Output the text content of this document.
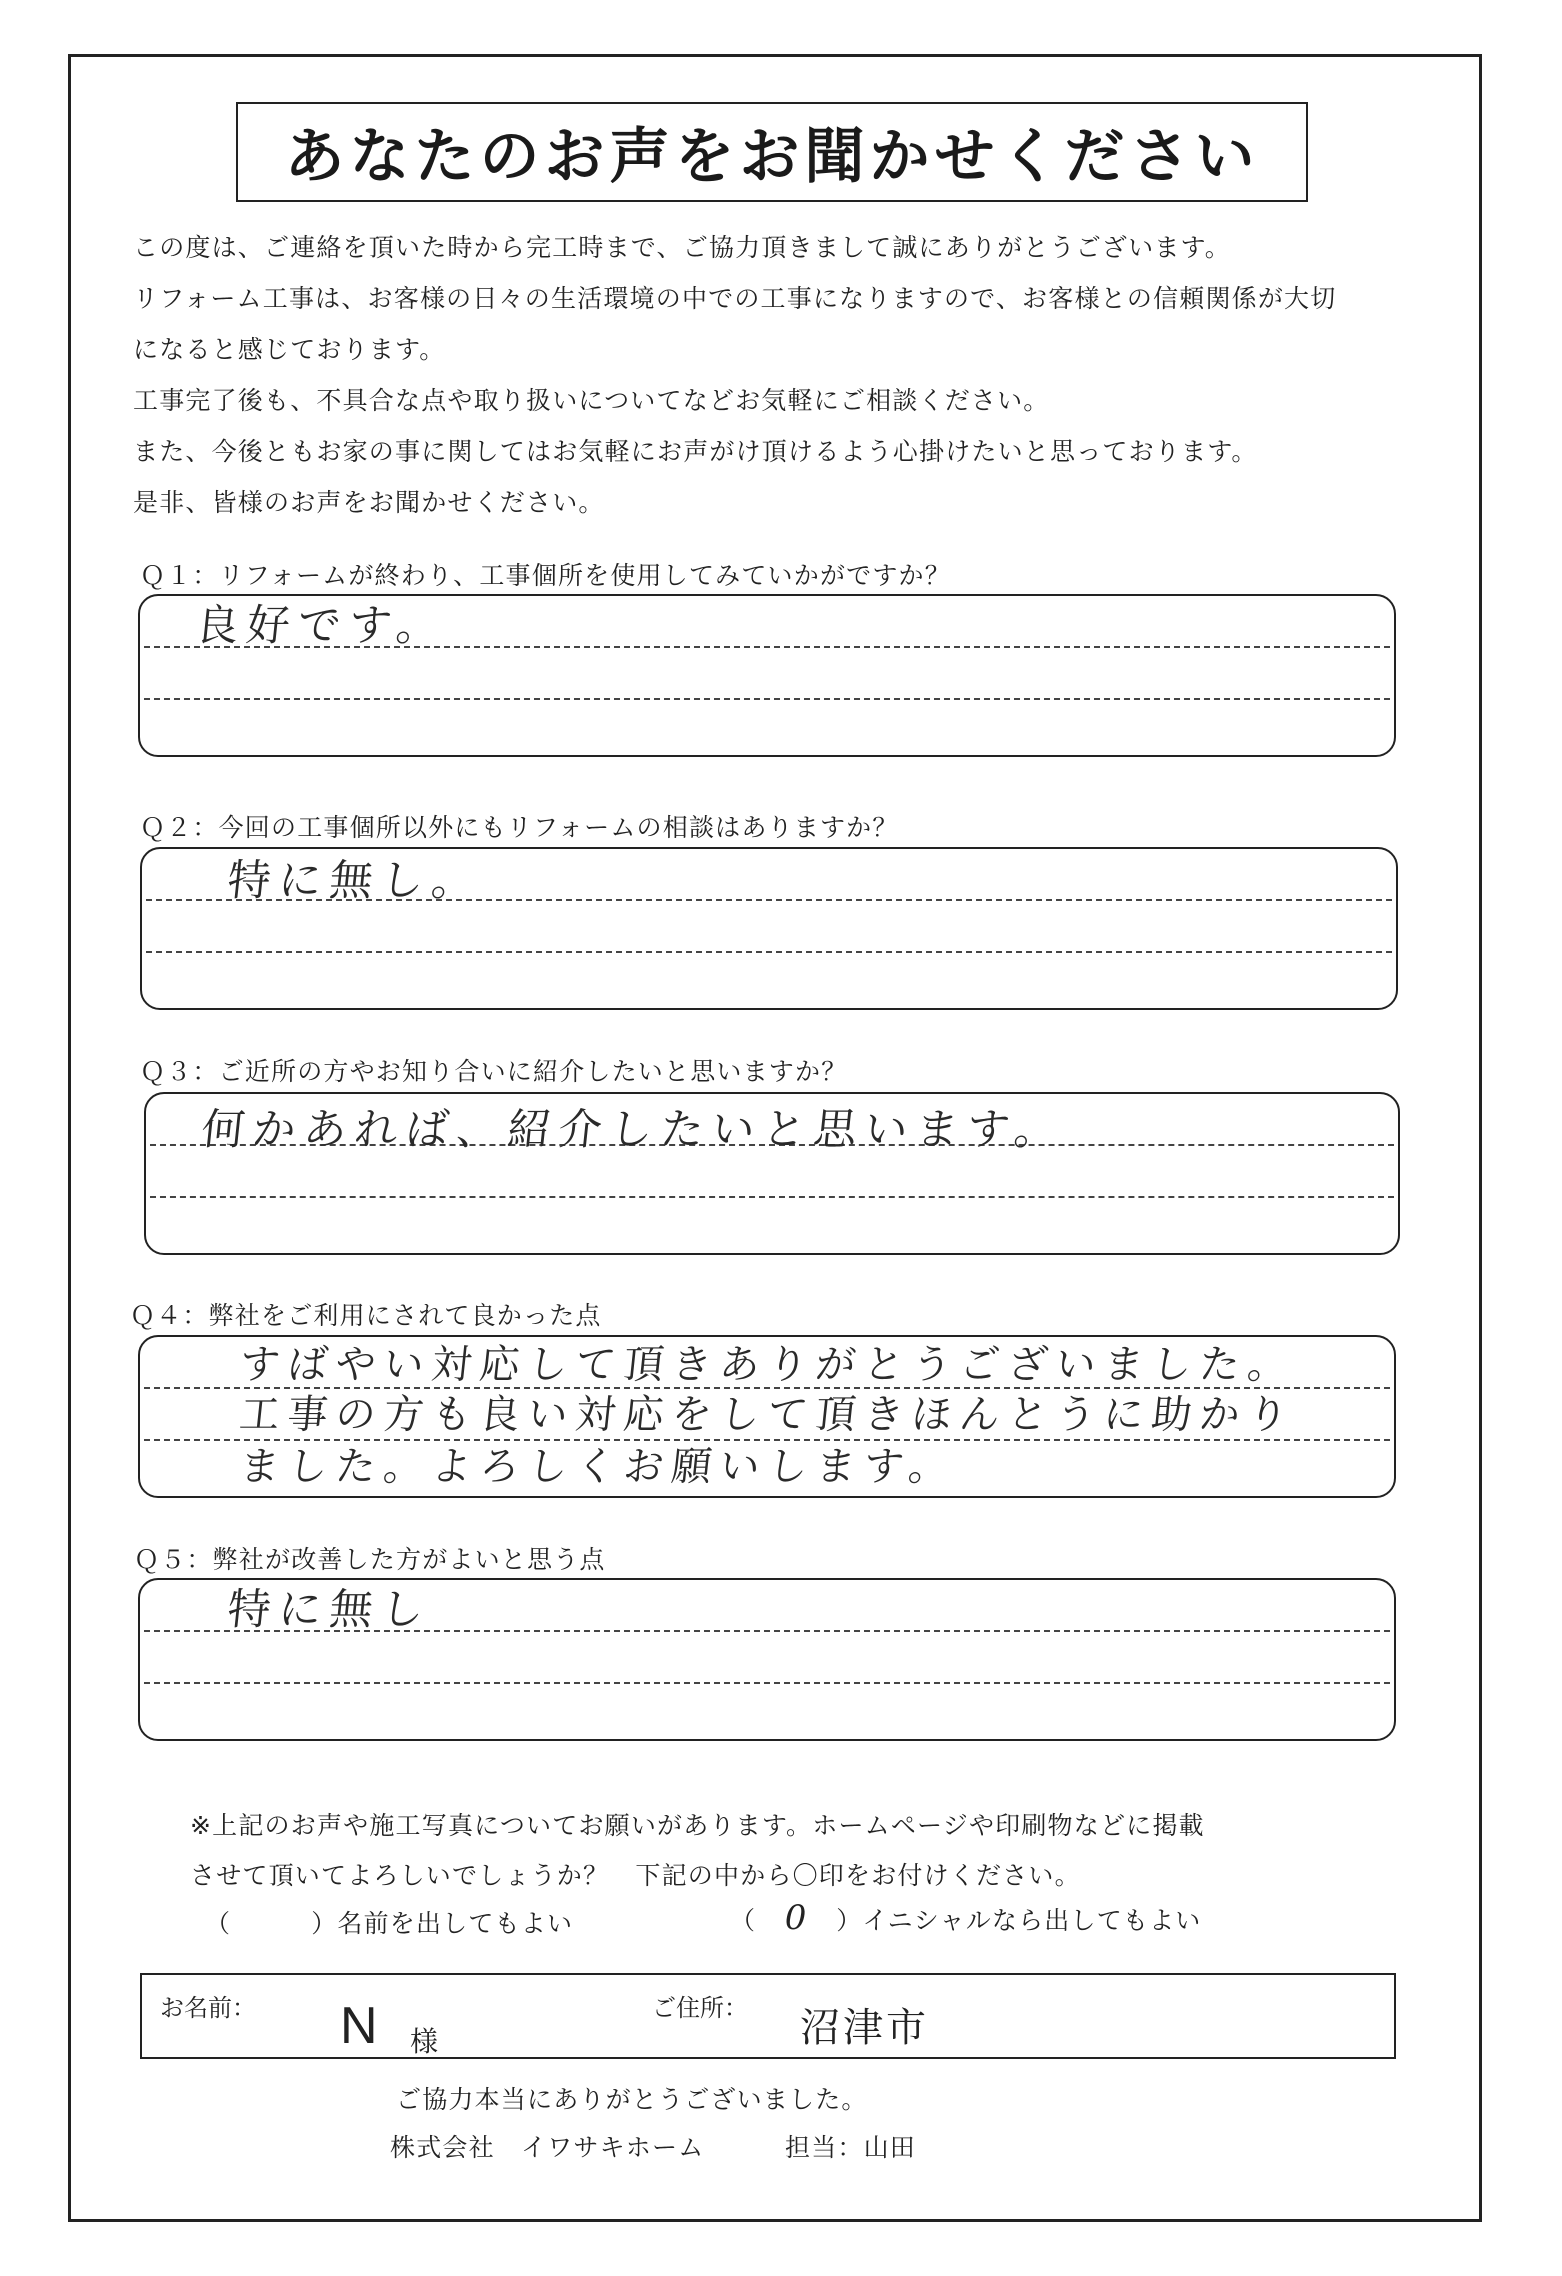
あなたのお声をお聞かせください

この度は、ご連絡を頂いた時から完工時まで、ご協力頂きまして誠にありがとうございます。

リフォーム工事は、お客様の日々の生活環境の中での工事になりますので、お客様との信頼関係が大切

になると感じております。

工事完了後も、不具合な点や取り扱いについてなどお気軽にご相談ください。

また、今後ともお家の事に関してはお気軽にお声がけ頂けるよう心掛けたいと思っております。

是非、皆様のお声をお聞かせください。

Ｑ１：リフォームが終わり、工事個所を使用してみていかがですか？
良好です。
Ｑ２：今回の工事個所以外にもリフォームの相談はありますか？
特に無し。
Ｑ３：ご近所の方やお知り合いに紹介したいと思いますか？
何かあれば、紹介したいと思います。
Ｑ４：弊社をご利用にされて良かった点
すばやい対応して頂きありがとうございました。
工事の方も良い対応をして頂きほんとうに助かり
ました。よろしくお願いします。
Ｑ５：弊社が改善した方がよいと思う点
特に無し
※上記のお声や施工写真についてお願いがあります。ホームページや印刷物などに掲載
させて頂いてよろしいでしょうか？　下記の中から〇印をお付けください。
（	）名前を出してもよい	（ 0 ）イニシャルなら出してもよい
お名前： N 様
ご住所： 沼津市
ご協力本当にありがとうございました。
株式会社　イワサキホーム	担当：山田
